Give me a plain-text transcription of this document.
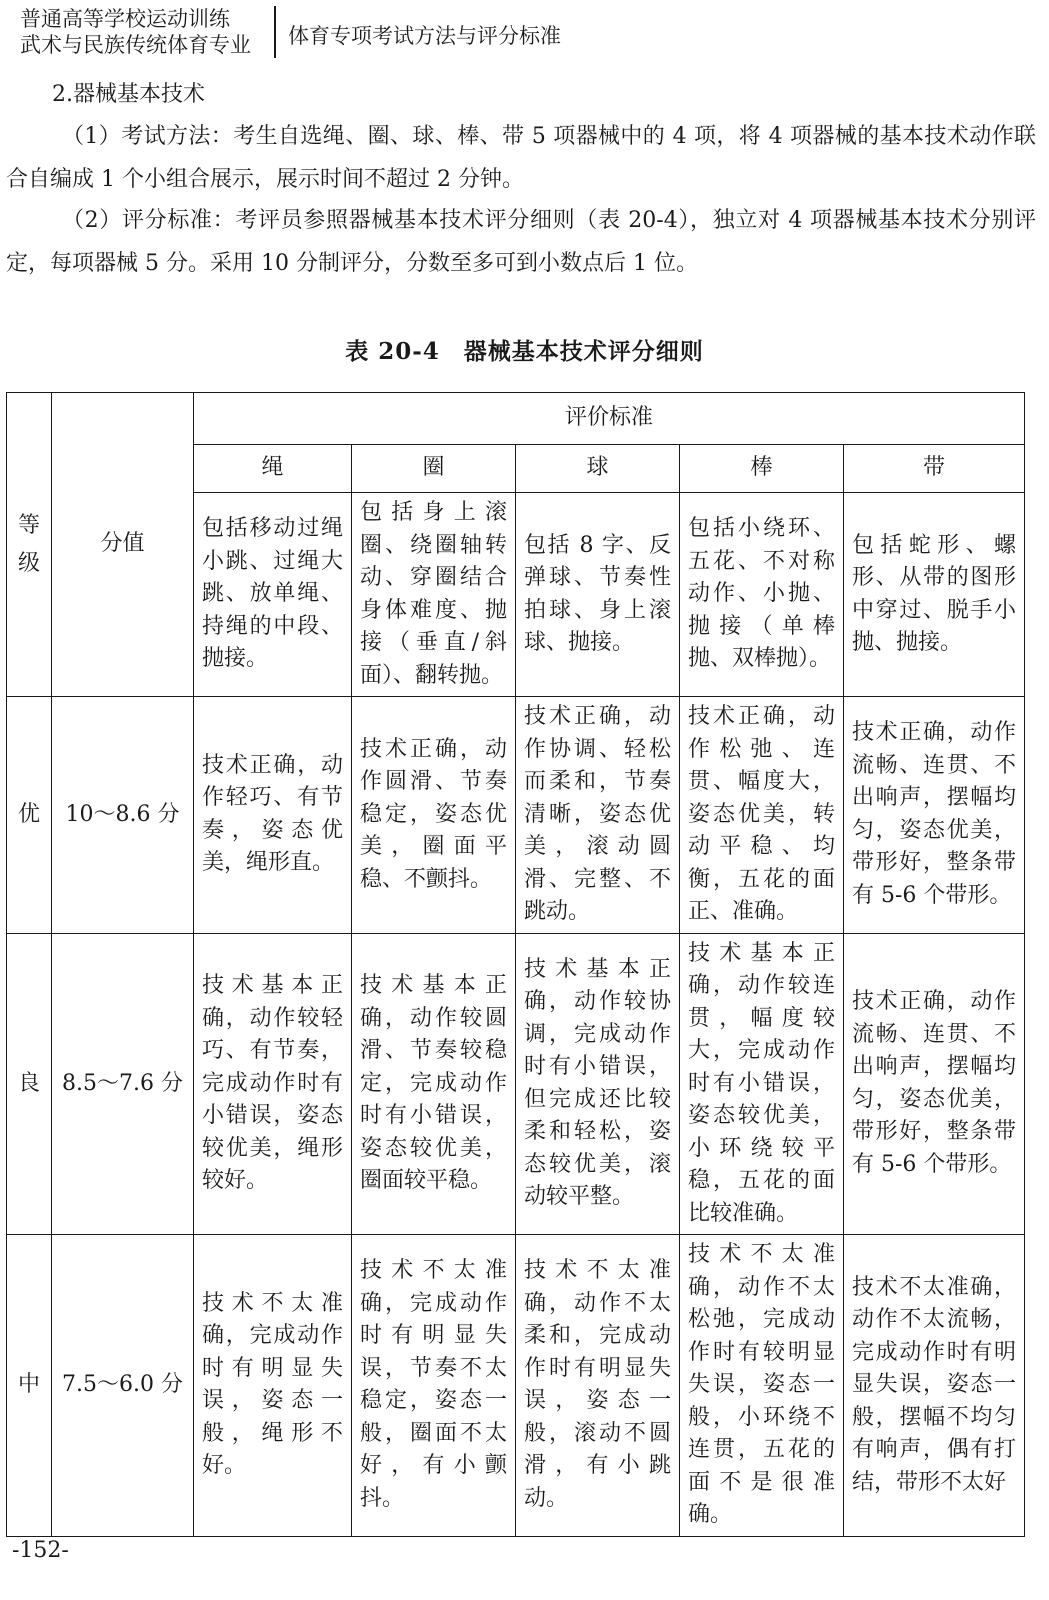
普通高等学校运动训练
武术与民族传统体育专业	体育专项考试方法与评分标准
2.器械基本技术
（1）考试方法：考生自选绳、圈、球、棒、带 5 项器械中的 4 项，将 4 项器械的基本技术动作联合自编成 1 个小组合展示，展示时间不超过 2 分钟。
（2）评分标准：考评员参照器械基本技术评分细则（表 20-4），独立对 4 项器械基本技术分别评定，每项器械 5 分。采用 10 分制评分，分数至多可到小数点后 1 位。
表 20-4　器械基本技术评分细则
等
级	分值	评价标准				
		绳	圈	球	棒	带
		包括移动过绳小跳、过绳大跳、放单绳、持绳的中段、抛接。	包括身上滚圈、绕圈轴转动、穿圈结合身体难度、抛接（垂直/斜面）、翻转抛。	包括 8 字、反弹球、节奏性拍球、身上滚球、抛接。	包括小绕环、五花、不对称动作、小抛、抛接（单棒抛、双棒抛）。	包括蛇形、螺形、从带的图形中穿过、脱手小抛、抛接。
优	10～8.6 分	技术正确，动作轻巧、有节奏，姿态优美，绳形直。	技术正确，动作圆滑、节奏稳定，姿态优美，圈面平稳、不颤抖。	技术正确，动作协调、轻松而柔和，节奏清晰，姿态优美，滚动圆滑、完整、不跳动。	技术正确，动作松弛、连贯、幅度大，姿态优美，转动平稳、均衡，五花的面正、准确。	技术正确，动作流畅、连贯、不出响声，摆幅均匀，姿态优美，带形好，整条带有 5-6 个带形。
良	8.5～7.6 分	技术基本正确，动作较轻巧、有节奏，完成动作时有小错误，姿态较优美，绳形较好。	技术基本正确，动作较圆滑、节奏较稳定，完成动作时有小错误，姿态较优美，圈面较平稳。	技术基本正确，动作较协调，完成动作时有小错误，但完成还比较柔和轻松，姿态较优美，滚动较平整。	技术基本正确，动作较连贯，幅度较大，完成动作时有小错误，姿态较优美，小环绕较平稳，五花的面比较准确。	技术正确，动作流畅、连贯、不出响声，摆幅均匀，姿态优美，带形好，整条带有 5-6 个带形。
中	7.5～6.0 分	技术不太准确，完成动作时有明显失误，姿态一般，绳形不好。	技术不太准确，完成动作时有明显失误，节奏不太稳定，姿态一般，圈面不太好，有小颤抖。	技术不太准确，动作不太柔和，完成动作时有明显失误，姿态一般，滚动不圆滑，有小跳动。	技术不太准确，动作不太松弛，完成动作时有较明显失误，姿态一般，小环绕不连贯，五花的面不是很准确。	技术不太准确，动作不太流畅，完成动作时有明显失误，姿态一般，摆幅不均匀有响声，偶有打结，带形不太好
-152-
